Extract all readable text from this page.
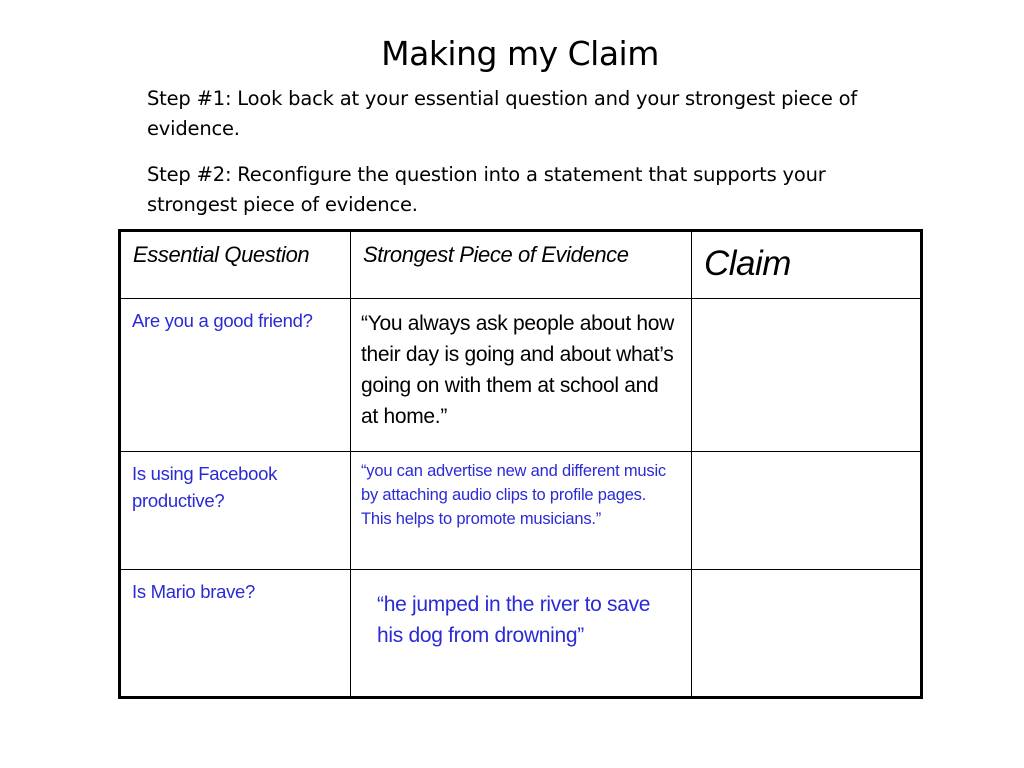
Making my Claim
Step #1: Look back at your essential question and your strongest piece of evidence.
Step #2: Reconfigure the question into a statement that supports your strongest piece of evidence.
Essential Question	Strongest Piece of Evidence	Claim
Are you a good friend?	“You always ask people about how their day is going and about what’s going on with them at school and at home.”	
Is using Facebook productive?	“you can advertise new and different music by attaching audio clips to profile pages. This helps to promote musicians.”	
Is Mario brave?	“he jumped in the river to save his dog from drowning”	
